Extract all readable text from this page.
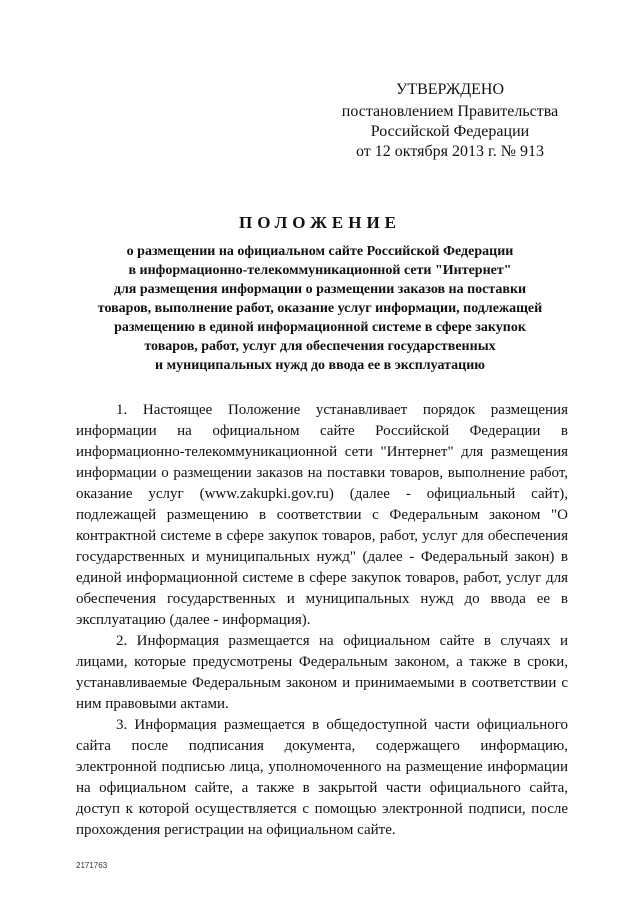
УТВЕРЖДЕНО
постановлением Правительства
Российской Федерации
от 12 октября 2013 г. № 913
ПОЛОЖЕНИЕ
о размещении на официальном сайте Российской Федерации
в информационно-телекоммуникационной сети "Интернет"
для размещения информации о размещении заказов на поставки
товаров, выполнение работ, оказание услуг информации, подлежащей
размещению в единой информационной системе в сфере закупок
товаров, работ, услуг для обеспечения государственных
и муниципальных нужд до ввода ее в эксплуатацию

1. Настоящее Положение устанавливает порядок размещения информации на официальном сайте Российской Федерации в информационно-телекоммуникационной сети "Интернет" для размещения информации о размещении заказов на поставки товаров, выполнение работ, оказание услуг (www.zakupki.gov.ru) (далее - официальный сайт), подлежащей размещению в соответствии с Федеральным законом "О контрактной системе в сфере закупок товаров, работ, услуг для обеспечения государственных и муниципальных нужд" (далее - Федеральный закон) в единой информационной системе в сфере закупок товаров, работ, услуг для обеспечения государственных и муниципальных нужд до ввода ее в эксплуатацию (далее - информация).

2. Информация размещается на официальном сайте в случаях и лицами, которые предусмотрены Федеральным законом, а также в сроки, устанавливаемые Федеральным законом и принимаемыми в соответствии с ним правовыми актами.

3. Информация размещается в общедоступной части официального сайта после подписания документа, содержащего информацию, электронной подписью лица, уполномоченного на размещение информации на официальном сайте, а также в закрытой части официального сайта, доступ к которой осуществляется с помощью электронной подписи, после прохождения регистрации на официальном сайте.

2171763
